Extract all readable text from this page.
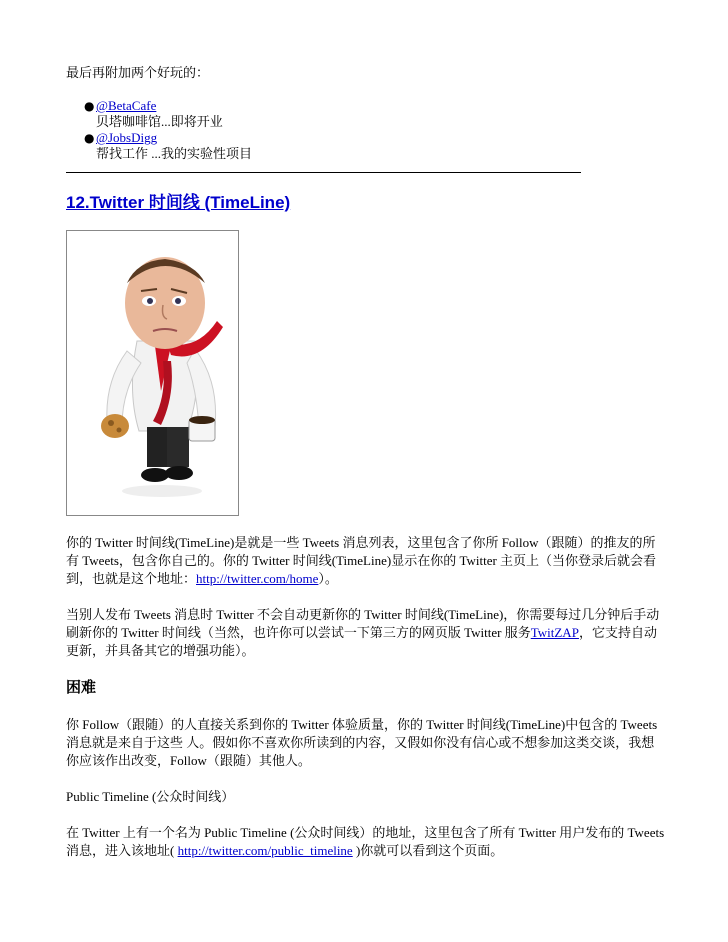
最后再附加两个好玩的：

● @BetaCafe
贝塔咖啡馆...即将开业
● @JobsDigg
帮找工作 ...我的实验性项目
12.Twitter 时间线 (TimeLine)

你的 Twitter 时间线(TimeLine)是就是一些 Tweets 消息列表，这里包含了你所 Follow（跟随）的推友的所有 Tweets，包含你自己的。你的 Twitter 时间线(TimeLine)显示在你的 Twitter 主页上（当你登录后就会看到，也就是这个地址：http://twitter.com/home）。

当别人发布 Tweets 消息时 Twitter 不会自动更新你的 Twitter 时间线(TimeLine)，你需要每过几分钟后手动刷新你的 Twitter 时间线（当然，也许你可以尝试一下第三方的网页版 Twitter 服务TwitZAP，它支持自动更新，并具备其它的增强功能）。

困难

你 Follow（跟随）的人直接关系到你的 Twitter 体验质量，你的 Twitter 时间线(TimeLine)中包含的 Tweets 消息就是来自于这些 人。假如你不喜欢你所读到的内容，又假如你没有信心或不想参加这类交谈，我想你应该作出改变，Follow（跟随）其他人。

Public Timeline (公众时间线）

在 Twitter 上有一个名为 Public Timeline (公众时间线）的地址，这里包含了所有 Twitter 用户发布的 Tweets 消息，进入该地址( http://twitter.com/public_timeline )你就可以看到这个页面。
